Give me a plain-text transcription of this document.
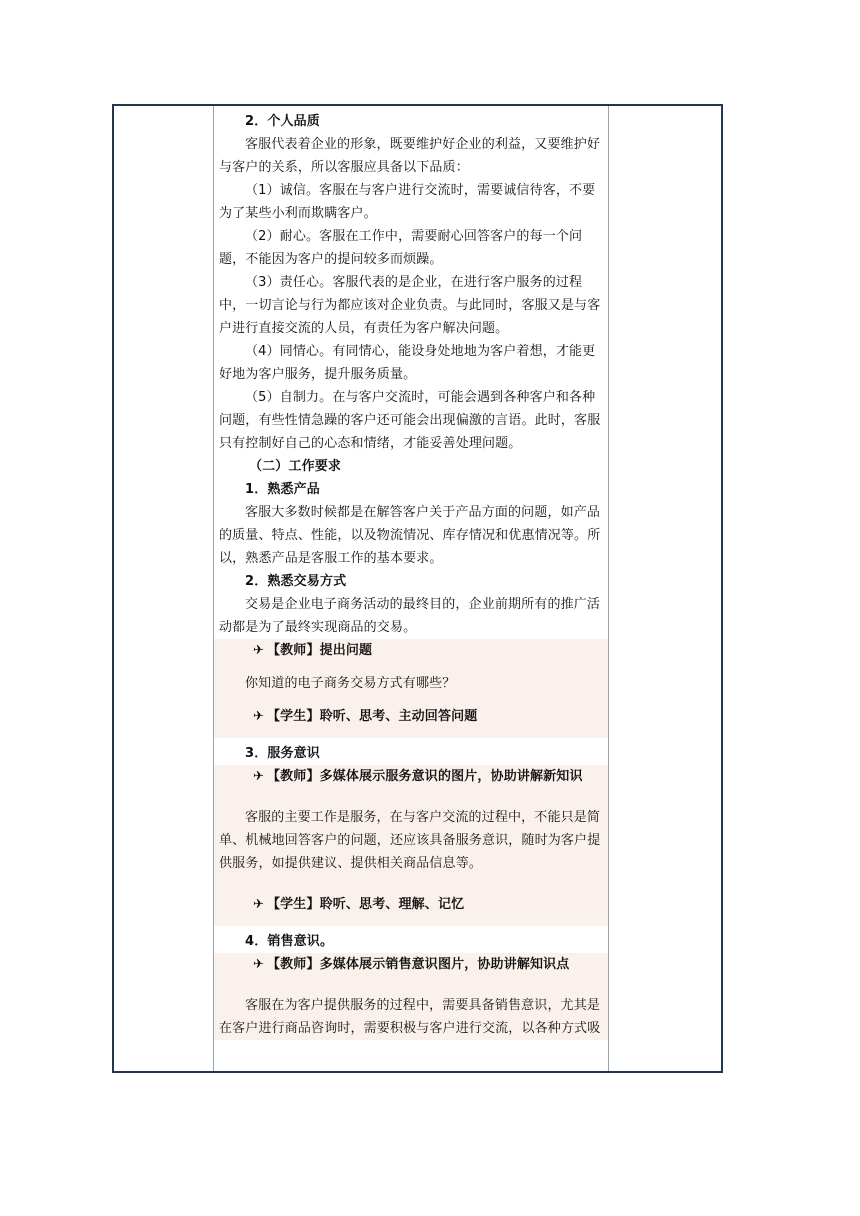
2．个人品质

客服代表着企业的形象，既要维护好企业的利益，又要维护好与客户的关系，所以客服应具备以下品质：

（1）诚信。客服在与客户进行交流时，需要诚信待客，不要为了某些小利而欺瞒客户。

（2）耐心。客服在工作中，需要耐心回答客户的每一个问题，不能因为客户的提问较多而烦躁。

（3）责任心。客服代表的是企业，在进行客户服务的过程中，一切言论与行为都应该对企业负责。与此同时，客服又是与客户进行直接交流的人员，有责任为客户解决问题。

（4）同情心。有同情心，能设身处地地为客户着想，才能更好地为客户服务，提升服务质量。

（5）自制力。在与客户交流时，可能会遇到各种客户和各种问题，有些性情急躁的客户还可能会出现偏激的言语。此时，客服只有控制好自己的心态和情绪，才能妥善处理问题。

（二）工作要求

1．熟悉产品

客服大多数时候都是在解答客户关于产品方面的问题，如产品的质量、特点、性能，以及物流情况、库存情况和优惠情况等。所以，熟悉产品是客服工作的基本要求。

2．熟悉交易方式

交易是企业电子商务活动的最终目的，企业前期所有的推广活动都是为了最终实现商品的交易。

✈ 【教师】提出问题

你知道的电子商务交易方式有哪些？

✈ 【学生】聆听、思考、主动回答问题

3．服务意识

✈ 【教师】多媒体展示服务意识的图片，协助讲解新知识

客服的主要工作是服务，在与客户交流的过程中，不能只是简单、机械地回答客户的问题，还应该具备服务意识，随时为客户提供服务，如提供建议、提供相关商品信息等。

✈ 【学生】聆听、思考、理解、记忆

4．销售意识。

✈ 【教师】多媒体展示销售意识图片，协助讲解知识点

客服在为客户提供服务的过程中，需要具备销售意识，尤其是在客户进行商品咨询时，需要积极与客户进行交流，以各种方式吸
